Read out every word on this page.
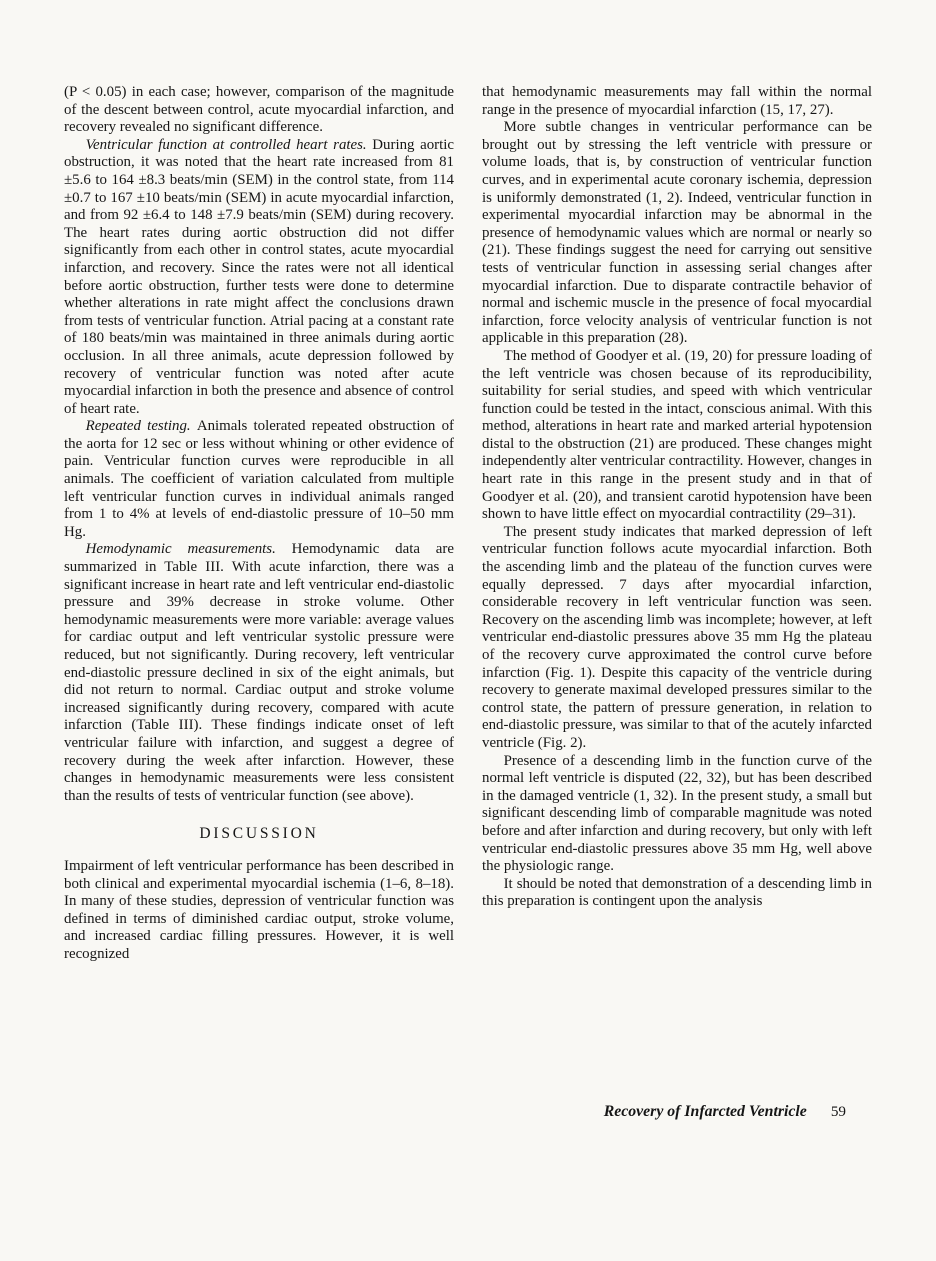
(P < 0.05) in each case; however, comparison of the magnitude of the descent between control, acute myocardial infarction, and recovery revealed no significant difference.

Ventricular function at controlled heart rates. During aortic obstruction, it was noted that the heart rate increased from 81 ±5.6 to 164 ±8.3 beats/min (SEM) in the control state, from 114 ±0.7 to 167 ±10 beats/min (SEM) in acute myocardial infarction, and from 92 ±6.4 to 148 ±7.9 beats/min (SEM) during recovery. The heart rates during aortic obstruction did not differ significantly from each other in control states, acute myocardial infarction, and recovery. Since the rates were not all identical before aortic obstruction, further tests were done to determine whether alterations in rate might affect the conclusions drawn from tests of ventricular function. Atrial pacing at a constant rate of 180 beats/min was maintained in three animals during aortic occlusion. In all three animals, acute depression followed by recovery of ventricular function was noted after acute myocardial infarction in both the presence and absence of control of heart rate.

Repeated testing. Animals tolerated repeated obstruction of the aorta for 12 sec or less without whining or other evidence of pain. Ventricular function curves were reproducible in all animals. The coefficient of variation calculated from multiple left ventricular function curves in individual animals ranged from 1 to 4% at levels of end-diastolic pressure of 10–50 mm Hg.

Hemodynamic measurements. Hemodynamic data are summarized in Table III. With acute infarction, there was a significant increase in heart rate and left ventricular end-diastolic pressure and 39% decrease in stroke volume. Other hemodynamic measurements were more variable: average values for cardiac output and left ventricular systolic pressure were reduced, but not significantly. During recovery, left ventricular end-diastolic pressure declined in six of the eight animals, but did not return to normal. Cardiac output and stroke volume increased significantly during recovery, compared with acute infarction (Table III). These findings indicate onset of left ventricular failure with infarction, and suggest a degree of recovery during the week after infarction. However, these changes in hemodynamic measurements were less consistent than the results of tests of ventricular function (see above).

DISCUSSION

Impairment of left ventricular performance has been described in both clinical and experimental myocardial ischemia (1–6, 8–18). In many of these studies, depression of ventricular function was defined in terms of diminished cardiac output, stroke volume, and increased cardiac filling pressures. However, it is well recognized

that hemodynamic measurements may fall within the normal range in the presence of myocardial infarction (15, 17, 27).

More subtle changes in ventricular performance can be brought out by stressing the left ventricle with pressure or volume loads, that is, by construction of ventricular function curves, and in experimental acute coronary ischemia, depression is uniformly demonstrated (1, 2). Indeed, ventricular function in experimental myocardial infarction may be abnormal in the presence of hemodynamic values which are normal or nearly so (21). These findings suggest the need for carrying out sensitive tests of ventricular function in assessing serial changes after myocardial infarction. Due to disparate contractile behavior of normal and ischemic muscle in the presence of focal myocardial infarction, force velocity analysis of ventricular function is not applicable in this preparation (28).

The method of Goodyer et al. (19, 20) for pressure loading of the left ventricle was chosen because of its reproducibility, suitability for serial studies, and speed with which ventricular function could be tested in the intact, conscious animal. With this method, alterations in heart rate and marked arterial hypotension distal to the obstruction (21) are produced. These changes might independently alter ventricular contractility. However, changes in heart rate in this range in the present study and in that of Goodyer et al. (20), and transient carotid hypotension have been shown to have little effect on myocardial contractility (29–31).

The present study indicates that marked depression of left ventricular function follows acute myocardial infarction. Both the ascending limb and the plateau of the function curves were equally depressed. 7 days after myocardial infarction, considerable recovery in left ventricular function was seen. Recovery on the ascending limb was incomplete; however, at left ventricular end-diastolic pressures above 35 mm Hg the plateau of the recovery curve approximated the control curve before infarction (Fig. 1). Despite this capacity of the ventricle during recovery to generate maximal developed pressures similar to the control state, the pattern of pressure generation, in relation to end-diastolic pressure, was similar to that of the acutely infarcted ventricle (Fig. 2).

Presence of a descending limb in the function curve of the normal left ventricle is disputed (22, 32), but has been described in the damaged ventricle (1, 32). In the present study, a small but significant descending limb of comparable magnitude was noted before and after infarction and during recovery, but only with left ventricular end-diastolic pressures above 35 mm Hg, well above the physiologic range.

It should be noted that demonstration of a descending limb in this preparation is contingent upon the analysis

Recovery of Infarcted Ventricle 59
